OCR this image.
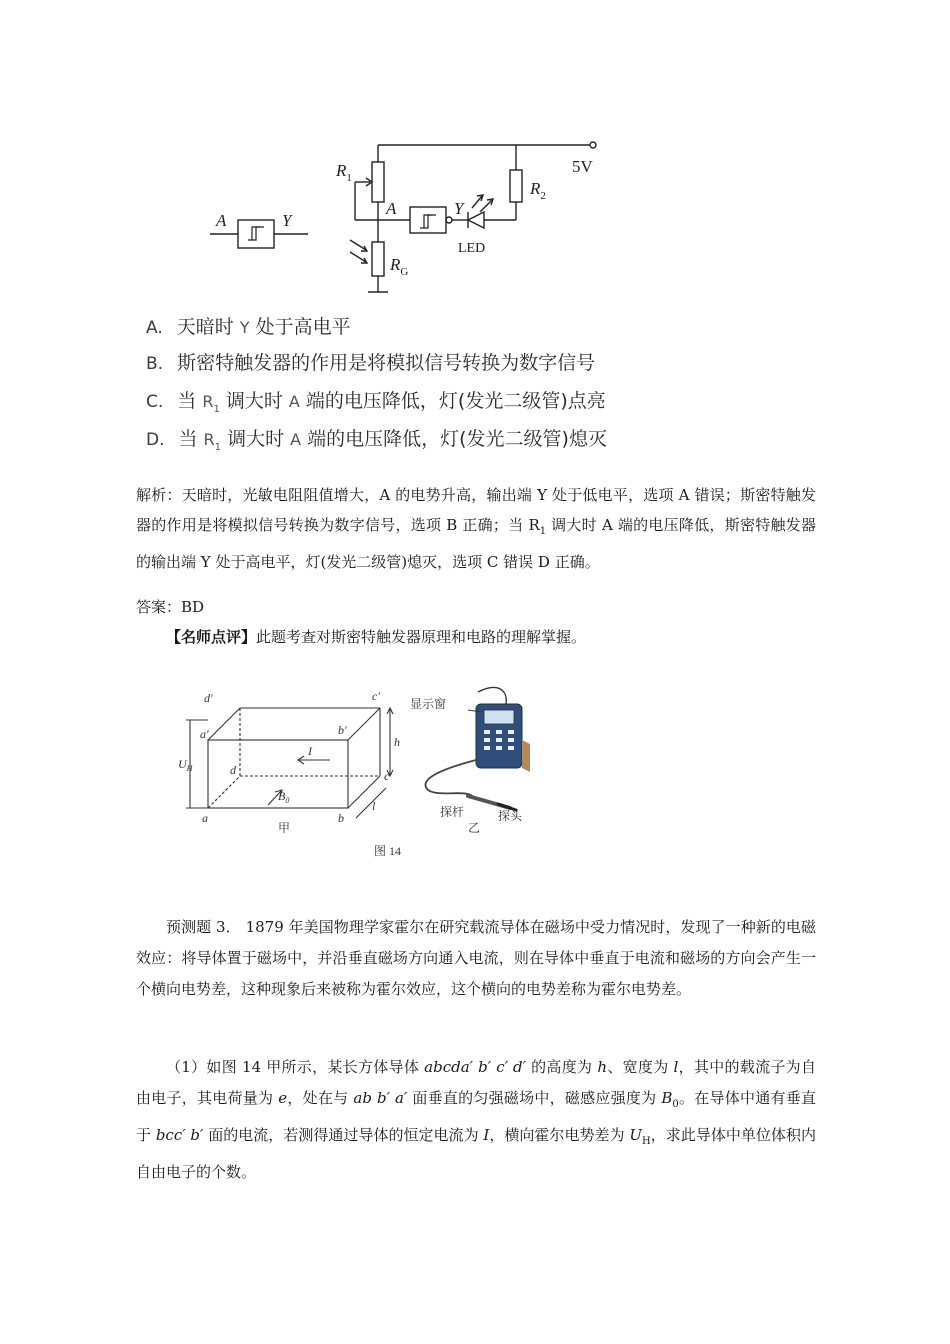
A	Y
$R_1$
A	Y
LED
$R_2$
$R_G$
5V
A. 天暗时 Y 处于高电平
B. 斯密特触发器的作用是将模拟信号转换为数字信号
C. 当 $R_1$ 调大时 A 端的电压降低，灯(发光二级管)点亮
D. 当 $R_1$ 调大时 A 端的电压降低，灯(发光二级管)熄灭
解析：天暗时，光敏电阻阻值增大，A 的电势升高，输出端 Y 处于低电平，选项 A 错误；斯密特触发器的作用是将模拟信号转换为数字信号，选项 B 正确；当 $R_1$ 调大时 A 端的电压降低，斯密特触发器的输出端 Y 处于高电平，灯(发光二级管)熄灭，选项 C 错误 D 正确。
答案：BD
【名师点评】此题考查对斯密特触发器原理和电路的理解掌握。
d′	c′
a′	b′
d	c
a	b
h
l
I
$B_0$
$U_H$
甲	乙
显示窗
探杆	探头
图 14
预测题 3． 1879 年美国物理学家霍尔在研究载流导体在磁场中受力情况时，发现了一种新的电磁效应：将导体置于磁场中，并沿垂直磁场方向通入电流，则在导体中垂直于电流和磁场的方向会产生一个横向电势差，这种现象后来被称为霍尔效应，这个横向的电势差称为霍尔电势差。
（1）如图 14 甲所示，某长方体导体 abcda′ b′ c′ d′ 的高度为 h、宽度为 l，其中的载流子为自由电子，其电荷量为 e，处在与 ab b′ a′ 面垂直的匀强磁场中，磁感应强度为 $B_0$。在导体中通有垂直于 bcc′ b′ 面的电流，若测得通过导体的恒定电流为 I，横向霍尔电势差为 $U_H$，求此导体中单位体积内自由电子的个数。
